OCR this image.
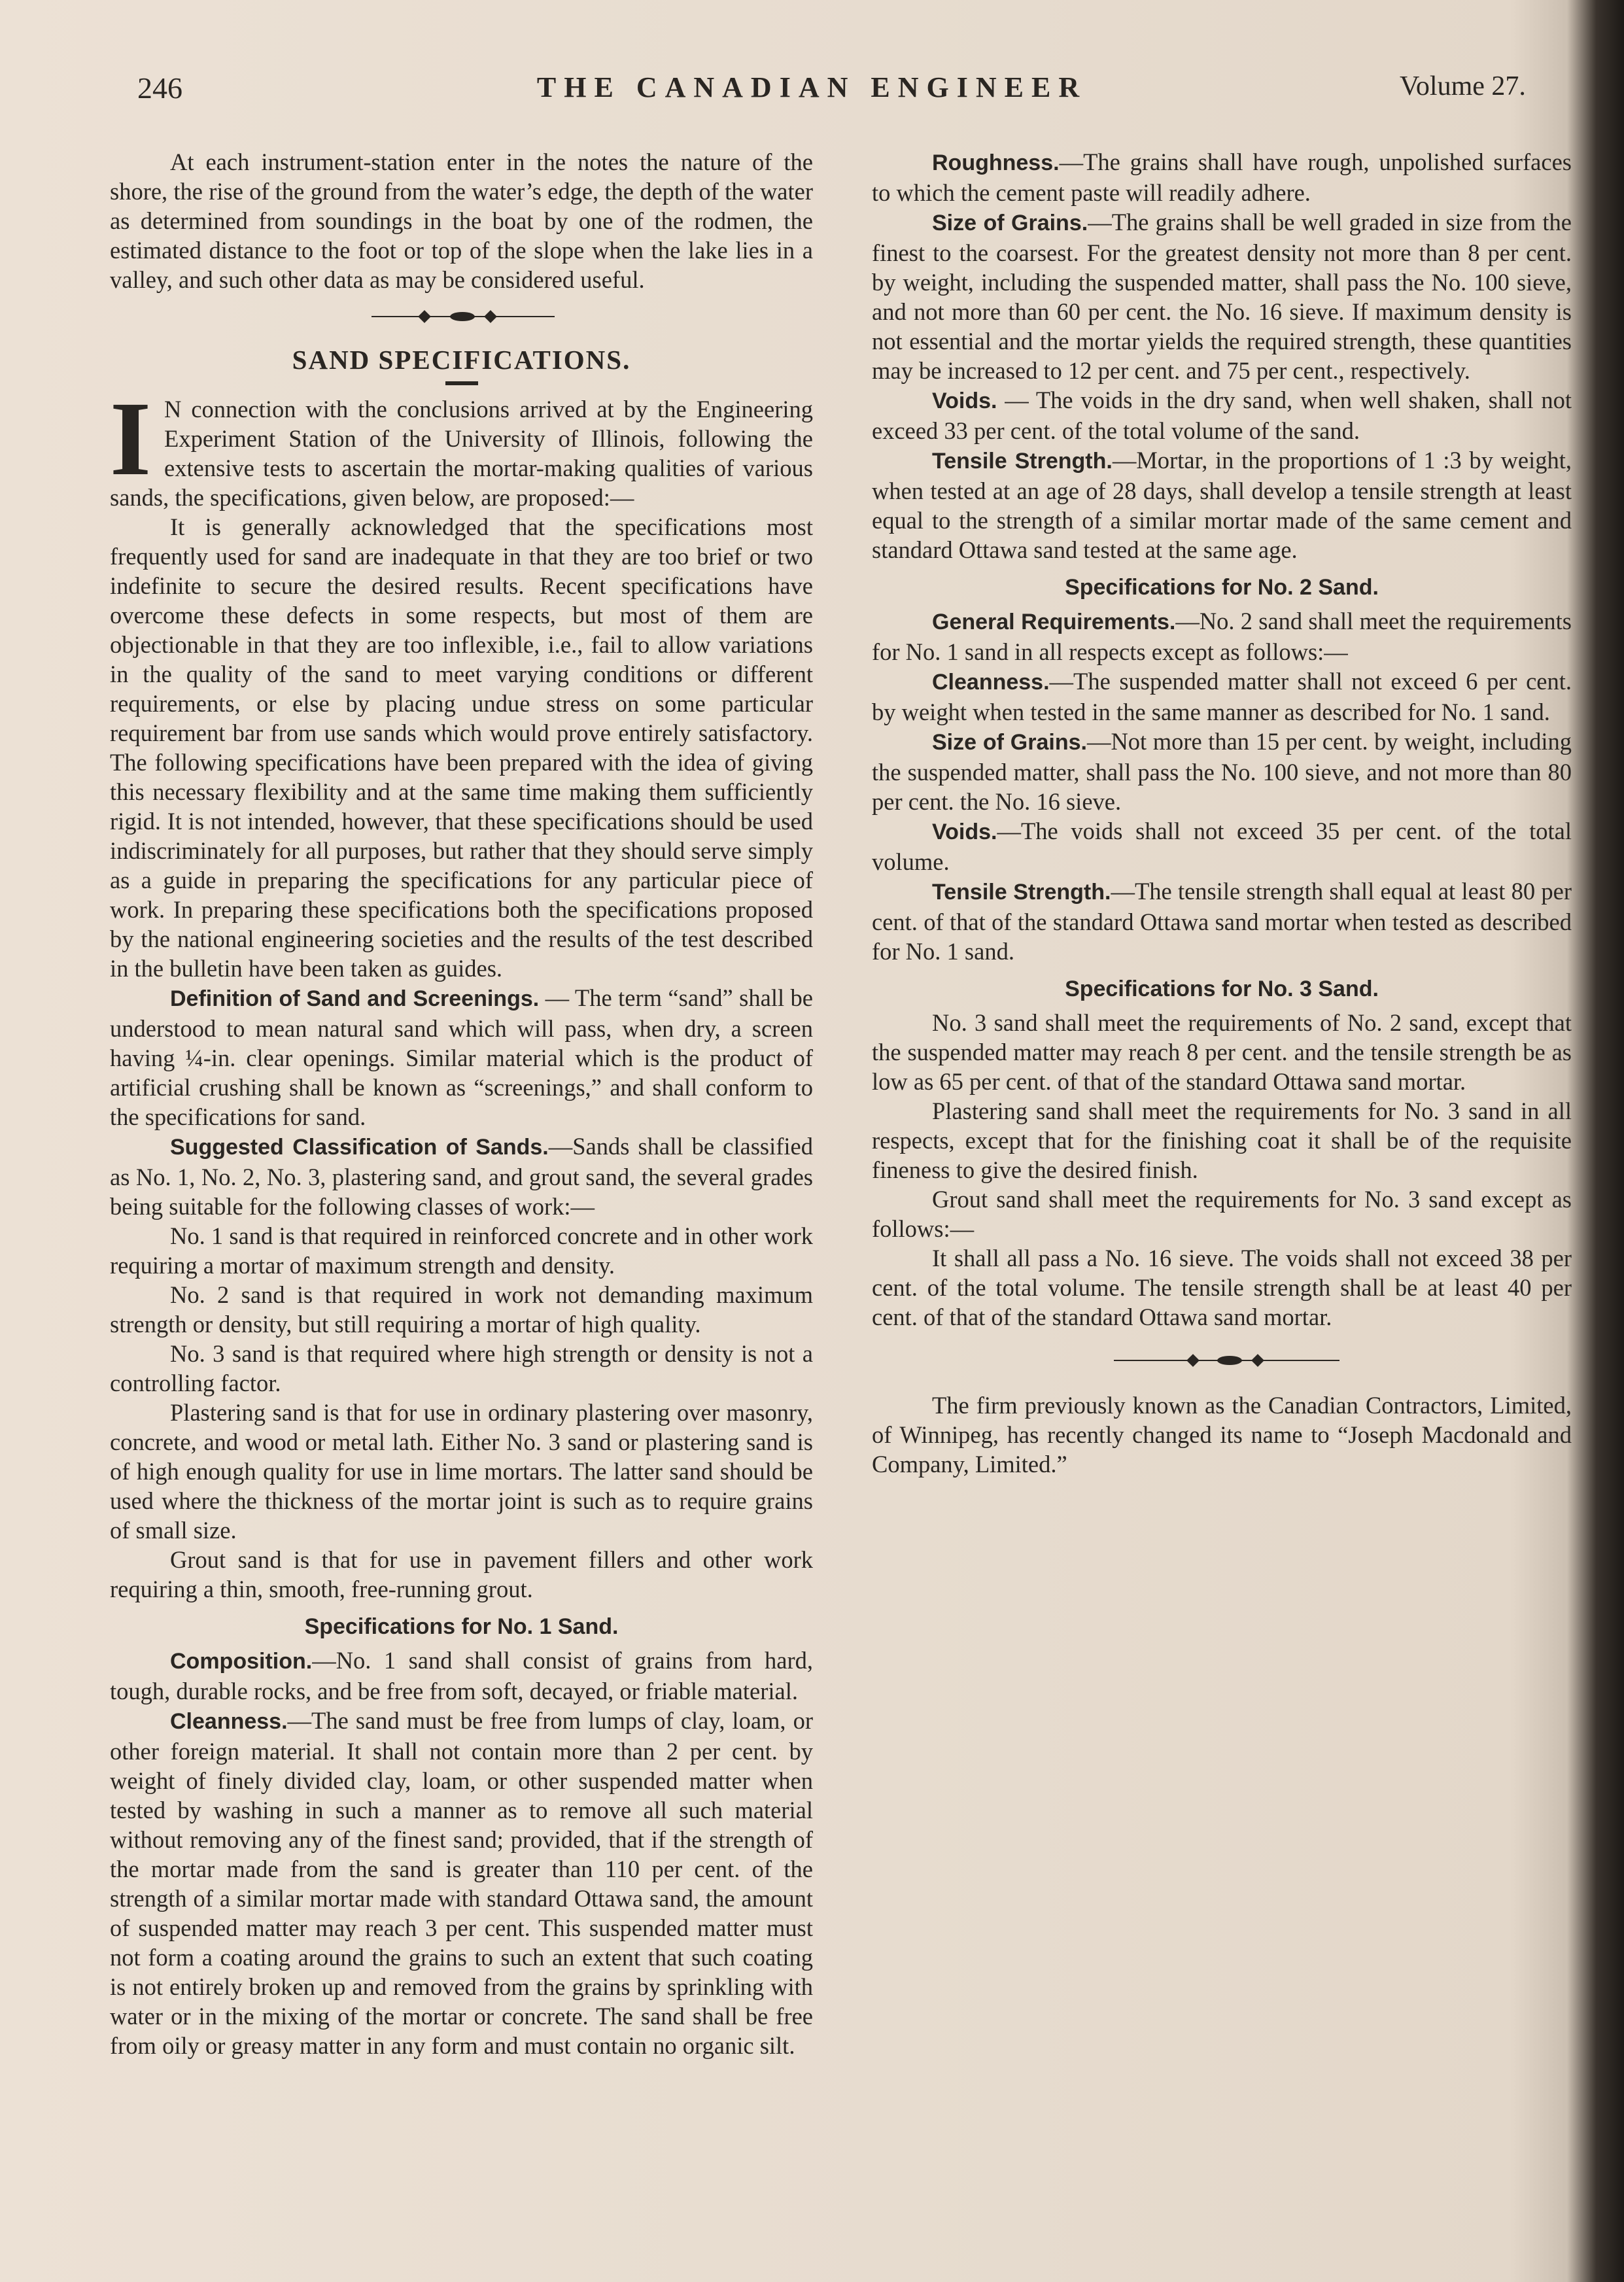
246	THE CANADIAN ENGINEER	Volume 27.

At each instrument-station enter in the notes the nature of the shore, the rise of the ground from the water’s edge, the depth of the water as determined from soundings in the boat by one of the rodmen, the estimated distance to the foot or top of the slope when the lake lies in a valley, and such other data as may be considered useful.

SAND SPECIFICATIONS.

I N connection with the conclusions arrived at by the Engineering Experiment Station of the University of Illinois, following the extensive tests to ascertain the mortar-making qualities of various sands, the specifications, given below, are proposed:—

It is generally acknowledged that the specifications most frequently used for sand are inadequate in that they are too brief or two indefinite to secure the desired results. Recent specifications have overcome these defects in some respects, but most of them are objectionable in that they are too inflexible, i.e., fail to allow variations in the quality of the sand to meet varying conditions or different requirements, or else by placing undue stress on some particular requirement bar from use sands which would prove entirely satisfactory. The following specifications have been prepared with the idea of giving this necessary flexibility and at the same time making them sufficiently rigid. It is not intended, however, that these specifications should be used indiscriminately for all purposes, but rather that they should serve simply as a guide in preparing the specifications for any particular piece of work. In preparing these specifications both the specifications proposed by the national engineering societies and the results of the test described in the bulletin have been taken as guides.

Definition of Sand and Screenings. — The term “sand” shall be understood to mean natural sand which will pass, when dry, a screen having ¼-in. clear openings. Similar material which is the product of artificial crushing shall be known as “screenings,” and shall conform to the specifications for sand.

Suggested Classification of Sands.—Sands shall be classified as No. 1, No. 2, No. 3, plastering sand, and grout sand, the several grades being suitable for the following classes of work:—

No. 1 sand is that required in reinforced concrete and in other work requiring a mortar of maximum strength and density.

No. 2 sand is that required in work not demanding maximum strength or density, but still requiring a mortar of high quality.

No. 3 sand is that required where high strength or density is not a controlling factor.

Plastering sand is that for use in ordinary plastering over masonry, concrete, and wood or metal lath. Either No. 3 sand or plastering sand is of high enough quality for use in lime mortars. The latter sand should be used where the thickness of the mortar joint is such as to require grains of small size.

Grout sand is that for use in pavement fillers and other work requiring a thin, smooth, free-running grout.

Specifications for No. 1 Sand.

Composition.—No. 1 sand shall consist of grains from hard, tough, durable rocks, and be free from soft, decayed, or friable material.

Cleanness.—The sand must be free from lumps of clay, loam, or other foreign material. It shall not contain more than 2 per cent. by weight of finely divided clay, loam, or other suspended matter when tested by washing in such a manner as to remove all such material without removing any of the finest sand; provided, that if the strength of the mortar made from the sand is greater than 110 per cent. of the strength of a similar mortar made with standard Ottawa sand, the amount of suspended matter may reach 3 per cent. This suspended matter must not form a coating around the grains to such an extent that such coating is not entirely broken up and removed from the grains by sprinkling with water or in the mixing of the mortar or concrete. The sand shall be free from oily or greasy matter in any form and must contain no organic silt.

Roughness.—The grains shall have rough, unpolished surfaces to which the cement paste will readily adhere.

Size of Grains.—The grains shall be well graded in size from the finest to the coarsest. For the greatest density not more than 8 per cent. by weight, including the suspended matter, shall pass the No. 100 sieve, and not more than 60 per cent. the No. 16 sieve. If maximum density is not essential and the mortar yields the required strength, these quantities may be increased to 12 per cent. and 75 per cent., respectively.

Voids. — The voids in the dry sand, when well shaken, shall not exceed 33 per cent. of the total volume of the sand.

Tensile Strength.—Mortar, in the proportions of 1 :3 by weight, when tested at an age of 28 days, shall develop a tensile strength at least equal to the strength of a similar mortar made of the same cement and standard Ottawa sand tested at the same age.

Specifications for No. 2 Sand.

General Requirements.—No. 2 sand shall meet the requirements for No. 1 sand in all respects except as follows:—

Cleanness.—The suspended matter shall not exceed 6 per cent. by weight when tested in the same manner as described for No. 1 sand.

Size of Grains.—Not more than 15 per cent. by weight, including the suspended matter, shall pass the No. 100 sieve, and not more than 80 per cent. the No. 16 sieve.

Voids.—The voids shall not exceed 35 per cent. of the total volume.

Tensile Strength.—The tensile strength shall equal at least 80 per cent. of that of the standard Ottawa sand mortar when tested as described for No. 1 sand.

Specifications for No. 3 Sand.

No. 3 sand shall meet the requirements of No. 2 sand, except that the suspended matter may reach 8 per cent. and the tensile strength be as low as 65 per cent. of that of the standard Ottawa sand mortar.

Plastering sand shall meet the requirements for No. 3 sand in all respects, except that for the finishing coat it shall be of the requisite fineness to give the desired finish.

Grout sand shall meet the requirements for No. 3 sand except as follows:—

It shall all pass a No. 16 sieve. The voids shall not exceed 38 per cent. of the total volume. The tensile strength shall be at least 40 per cent. of that of the standard Ottawa sand mortar.

The firm previously known as the Canadian Contractors, Limited, of Winnipeg, has recently changed its name to “Joseph Macdonald and Company, Limited.”
